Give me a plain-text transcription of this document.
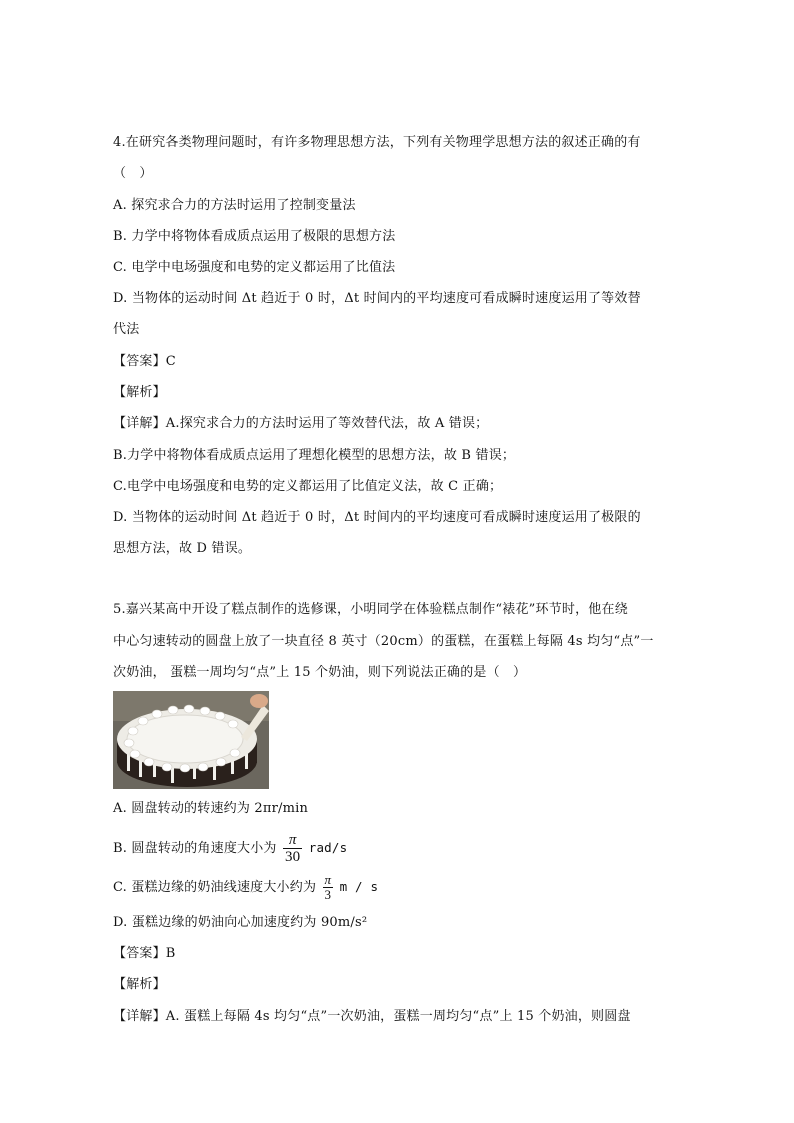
4.在研究各类物理问题时，有许多物理思想方法，下列有关物理学思想方法的叙述正确的有
（　）
A. 探究求合力的方法时运用了控制变量法
B. 力学中将物体看成质点运用了极限的思想方法
C. 电学中电场强度和电势的定义都运用了比值法
D. 当物体的运动时间 Δt 趋近于 0 时，Δt 时间内的平均速度可看成瞬时速度运用了等效替
代法
【答案】C
【解析】
【详解】A.探究求合力的方法时运用了等效替代法，故 A 错误；
B.力学中将物体看成质点运用了理想化模型的思想方法，故 B 错误；
C.电学中电场强度和电势的定义都运用了比值定义法，故 C 正确；
D. 当物体的运动时间 Δt 趋近于 0 时，Δt 时间内的平均速度可看成瞬时速度运用了极限的
思想方法，故 D 错误。
5.嘉兴某高中开设了糕点制作的选修课，小明同学在体验糕点制作“裱花”环节时，他在绕
中心匀速转动的圆盘上放了一块直径 8 英寸（20cm）的蛋糕，在蛋糕上每隔 4s 均匀“点”一
次奶油， 蛋糕一周均匀“点”上 15 个奶油，则下列说法正确的是（　）
A. 圆盘转动的转速约为 2πr/min
B. 圆盘转动的角速度大小为 $\frac{\pi}{30} rad/s$
C. 蛋糕边缘的奶油线速度大小约为 $\frac{\pi}{3}$ m / s
D. 蛋糕边缘的奶油向心加速度约为 90m/s²
【答案】B
【解析】
【详解】A. 蛋糕上每隔 4s 均匀“点”一次奶油，蛋糕一周均匀“点”上 15 个奶油，则圆盘
